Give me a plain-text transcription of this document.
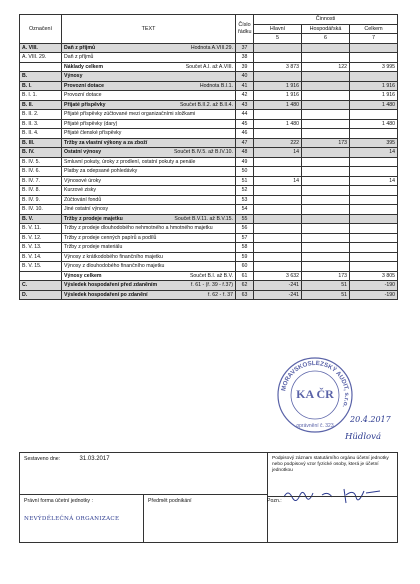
Označení	TEXT	Číslo
řádku	Činnosti		
			Hlavní	Hospodářská	Celkem
			5	6	7
A. VIII.	Daň z příjmů Hodnota A.VIII.29.	37			
A. VIII. 29.	Daň z příjmů	38			
	Náklady celkem Součet A.I. až A.VIII.	39	3 873	122	3 995
B.	Výnosy	40			
B. I.	Provozní dotace Hodnota B.I.1.	41	1 916		1 916
B. I. 1.	Provozní dotace	42	1 916		1 916
B. II.	Přijaté příspěvky Součet B.II.2. až B.II.4.	43	1 480		1 480
B. II. 2.	Přijaté příspěvky zúčtované mezi organizačními složkami	44			
B. II. 3.	Přijaté příspěvky (dary)	45	1 480		1 480
B. II. 4.	Přijaté členské příspěvky	46			
B. III.	Tržby za vlastní výkony a za zboží	47	222	173	395
B. IV.	Ostatní výnosy Součet B.IV.5. až B.IV.10.	48	14		14
B. IV. 5.	Smluvní pokuty, úroky z prodlení, ostatní pokuty a penále	49			
B. IV. 6.	Platby za odepsané pohledávky	50			
B. IV. 7.	Výnosové úroky	51	14		14
B. IV. 8.	Kurzové zisky	52			
B. IV. 9.	Zúčtování fondů	53			
B. IV. 10.	Jiné ostatní výnosy	54			
B. V.	Tržby z prodeje majetku Součet B.V.11. až B.V.15.	55			
B. V. 11.	Tržby z prodeje dlouhodobého nehmotného a hmotného majetku	56			
B. V. 12.	Tržby z prodeje cenných papírů a podílů	57			
B. V. 13.	Tržby z prodeje materiálu	58			
B. V. 14.	Výnosy z krátkodobého finančního majetku	59			
B. V. 15.	Výnosy z dlouhodobého finančního majetku	60			
	Výnosy celkem Součet B.I. až B.V.	61	3 632	173	3 805
C.	Výsledek hospodaření před zdaněním ř. 61 - (ř. 39 - ř.37)	62	-241	51	-190
D.	Výsledek hospodaření po zdanění ř. 62 - ř. 37	63	-241	51	-190
MORAVSKOSLEZSKÝ AUDIT, s.r.o.
KA ČR
oprávnění č. 323
20.4.2017
Hüdlová
Sestaveno dne: 31.03.2017		Podpisový záznam statutárního orgánu účetní jednotky nebo podpisový vzor fyzické osoby, která je účetní jednotkou

Právní forma účetní jednotky :
NEVÝDĚLEČNÁ ORGANIZACE	Předmět podnikání		Pozn.:
